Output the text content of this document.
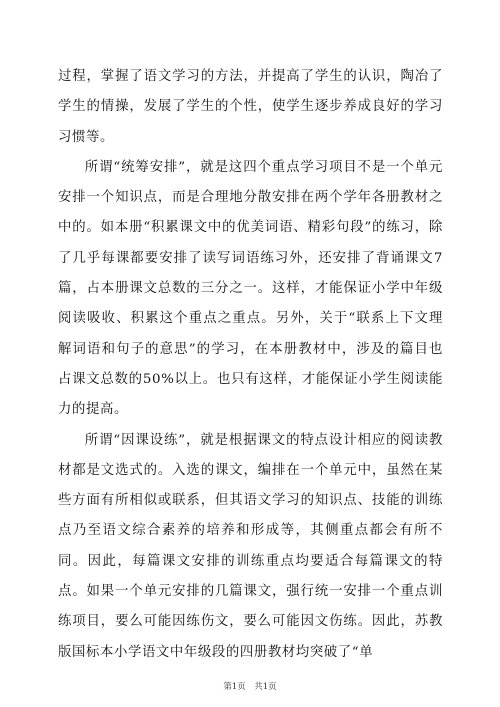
过程，掌握了语文学习的方法，并提高了学生的认识，陶冶了学生的情操，发展了学生的个性，使学生逐步养成良好的学习习惯等。

所谓“统筹安排”，就是这四个重点学习项目不是一个单元安排一个知识点，而是合理地分散安排在两个学年各册教材之中的。如本册“积累课文中的优美词语、精彩句段”的练习，除了几乎每课都要安排了读写词语练习外，还安排了背诵课文7篇，占本册课文总数的三分之一。这样，才能保证小学中年级阅读吸收、积累这个重点之重点。另外，关于“联系上下文理解词语和句子的意思”的学习，在本册教材中，涉及的篇目也占课文总数的50%以上。也只有这样，才能保证小学生阅读能力的提高。

所谓“因课设练”，就是根据课文的特点设计相应的阅读教材都是文选式的。入选的课文，编排在一个单元中，虽然在某些方面有所相似或联系，但其语文学习的知识点、技能的训练点乃至语文综合素养的培养和形成等，其侧重点都会有所不同。因此，每篇课文安排的训练重点均要适合每篇课文的特点。如果一个单元安排的几篇课文，强行统一安排一个重点训练项目，要么可能因练伤文，要么可能因文伤练。因此，苏教版国标本小学语文中年级段的四册教材均突破了“单

第1页　共1页
